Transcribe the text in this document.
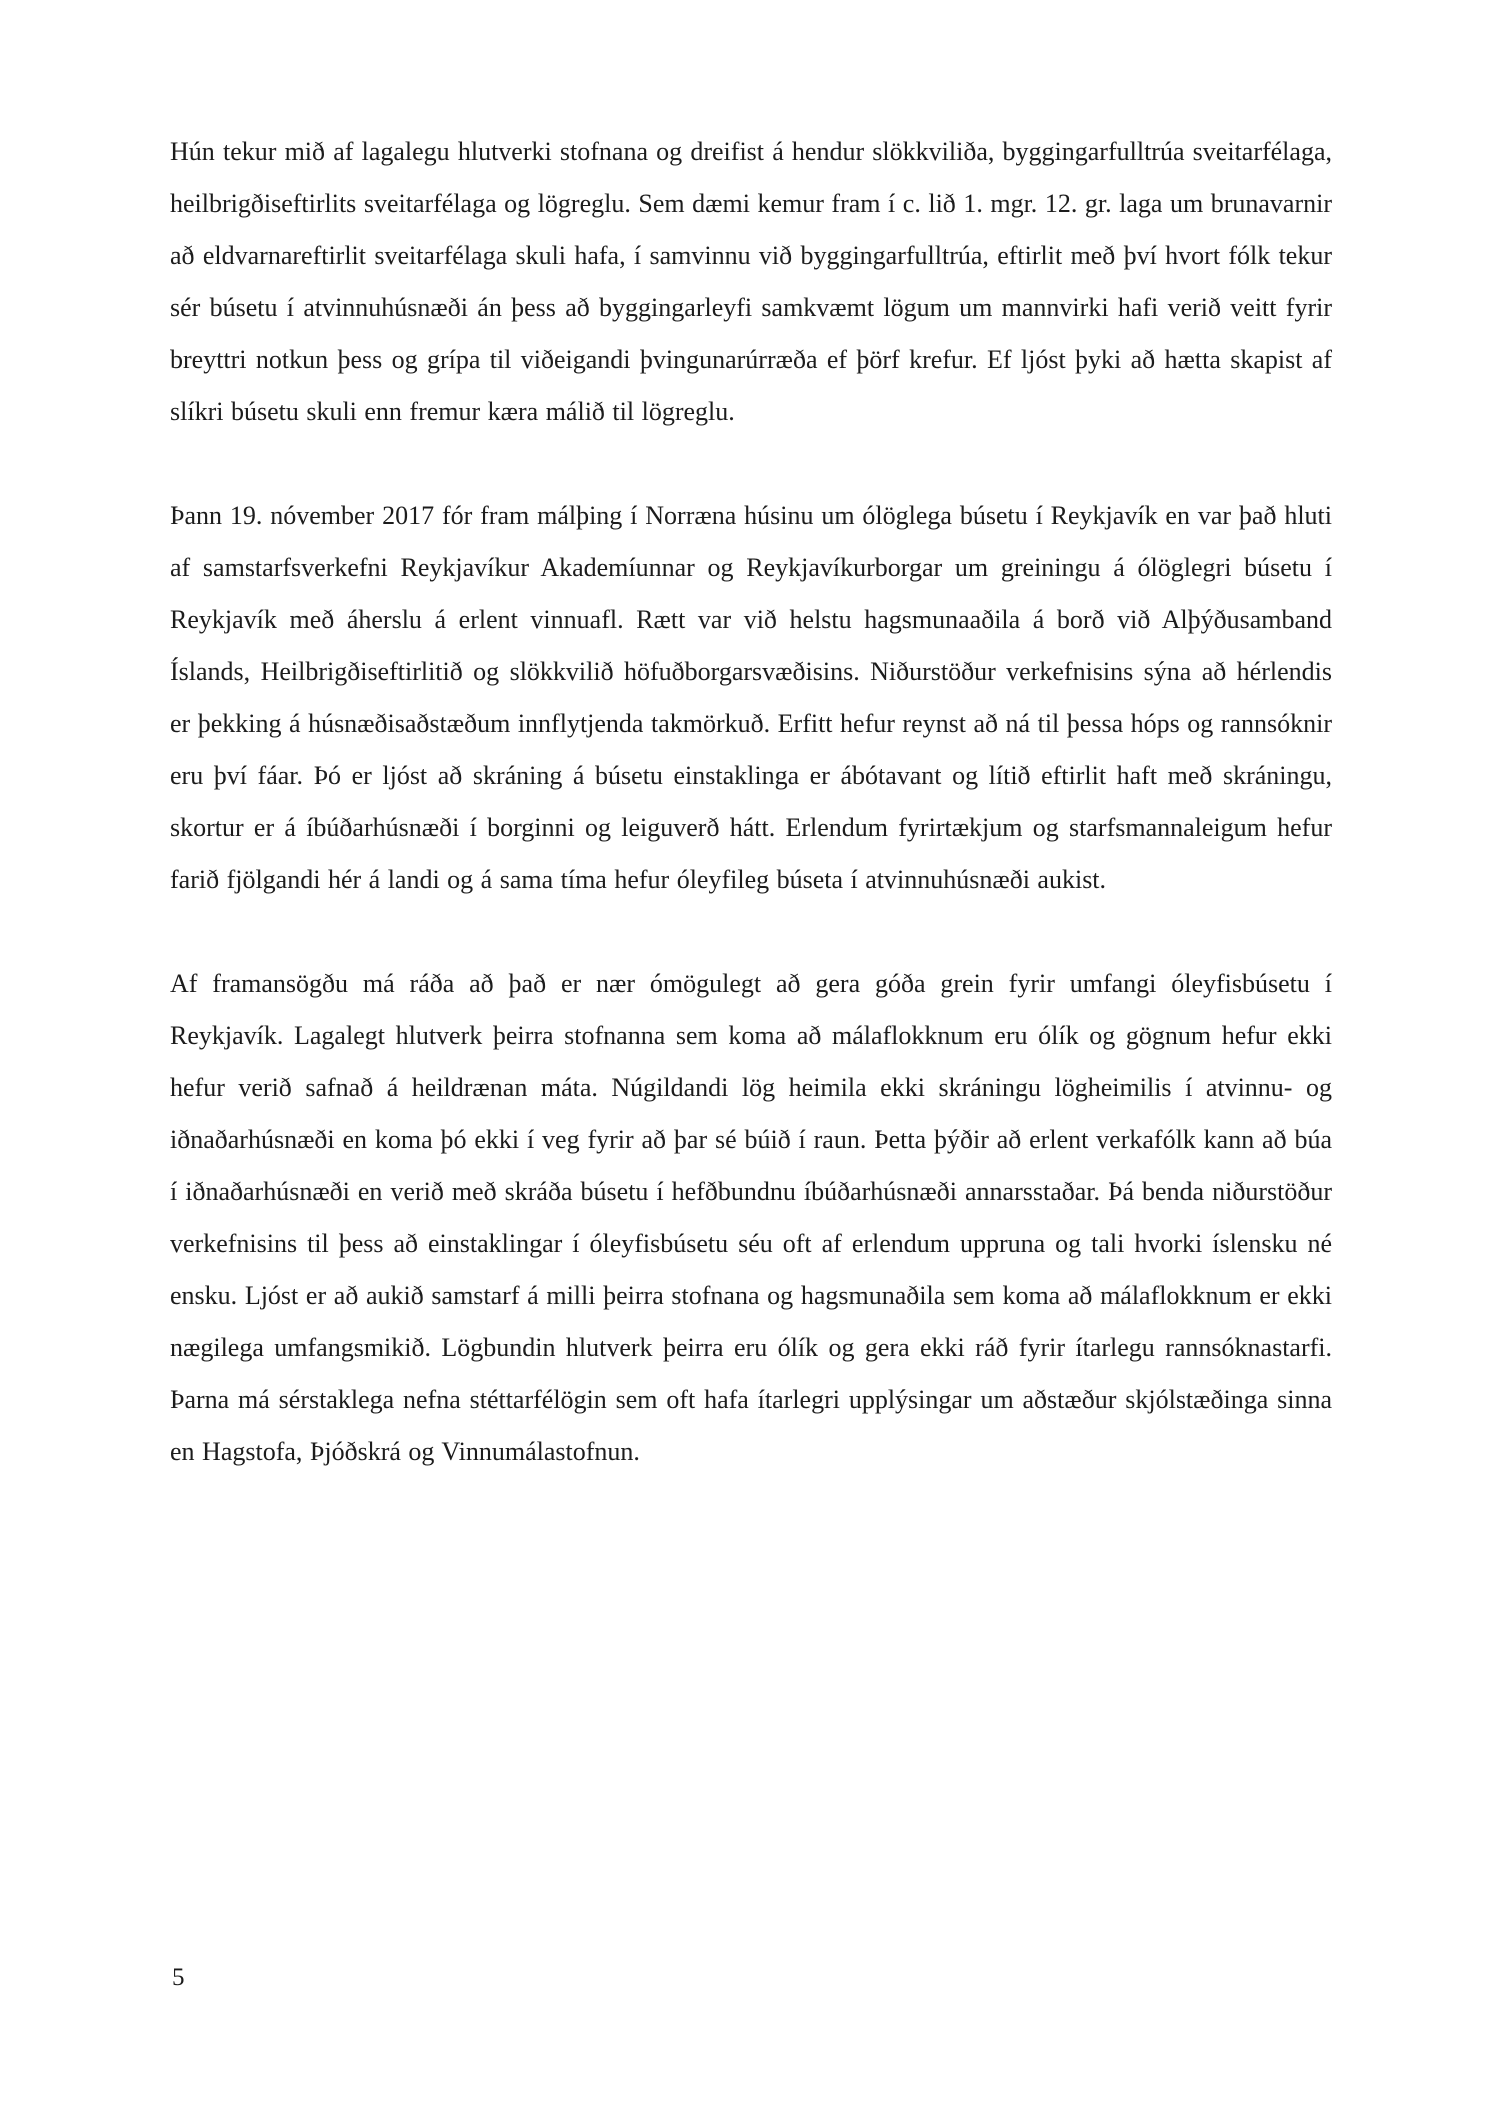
Hún tekur mið af lagalegu hlutverki stofnana og dreifist á hendur slökkviliða, byggingarfulltrúa sveitarfélaga, heilbrigðiseftirlits sveitarfélaga og lögreglu. Sem dæmi kemur fram í c. lið 1. mgr. 12. gr. laga um brunavarnir að eldvarnareftirlit sveitarfélaga skuli hafa, í samvinnu við byggingarfulltrúa, eftirlit með því hvort fólk tekur sér búsetu í atvinnuhúsnæði án þess að byggingarleyfi samkvæmt lögum um mannvirki hafi verið veitt fyrir breyttri notkun þess og grípa til viðeigandi þvingunarúrræða ef þörf krefur. Ef ljóst þyki að hætta skapist af slíkri búsetu skuli enn fremur kæra málið til lögreglu.

Þann 19. nóvember 2017 fór fram málþing í Norræna húsinu um ólöglega búsetu í Reykjavík en var það hluti af samstarfsverkefni Reykjavíkur Akademíunnar og Reykjavíkurborgar um greiningu á ólöglegri búsetu í Reykjavík með áherslu á erlent vinnuafl. Rætt var við helstu hagsmunaaðila á borð við Alþýðusamband Íslands, Heilbrigðiseftirlitið og slökkvilið höfuðborgarsvæðisins. Niðurstöður verkefnisins sýna að hérlendis er þekking á húsnæðisaðstæðum innflytjenda takmörkuð. Erfitt hefur reynst að ná til þessa hóps og rannsóknir eru því fáar. Þó er ljóst að skráning á búsetu einstaklinga er ábótavant og lítið eftirlit haft með skráningu, skortur er á íbúðarhúsnæði í borginni og leiguverð hátt. Erlendum fyrirtækjum og starfsmannaleigum hefur farið fjölgandi hér á landi og á sama tíma hefur óleyfileg búseta í atvinnuhúsnæði aukist.

Af framansögðu má ráða að það er nær ómögulegt að gera góða grein fyrir umfangi óleyfisbúsetu í Reykjavík. Lagalegt hlutverk þeirra stofnanna sem koma að málaflokknum eru ólík og gögnum hefur ekki hefur verið safnað á heildrænan máta. Núgildandi lög heimila ekki skráningu lögheimilis í atvinnu- og iðnaðarhúsnæði en koma þó ekki í veg fyrir að þar sé búið í raun. Þetta þýðir að erlent verkafólk kann að búa í iðnaðarhúsnæði en verið með skráða búsetu í hefðbundnu íbúðarhúsnæði annarsstaðar. Þá benda niðurstöður verkefnisins til þess að einstaklingar í óleyfisbúsetu séu oft af erlendum uppruna og tali hvorki íslensku né ensku. Ljóst er að aukið samstarf á milli þeirra stofnana og hagsmunaðila sem koma að málaflokknum er ekki nægilega umfangsmikið. Lögbundin hlutverk þeirra eru ólík og gera ekki ráð fyrir ítarlegu rannsóknastarfi. Þarna má sérstaklega nefna stéttarfélögin sem oft hafa ítarlegri upplýsingar um aðstæður skjólstæðinga sinna en Hagstofa, Þjóðskrá og Vinnumálastofnun.

5
